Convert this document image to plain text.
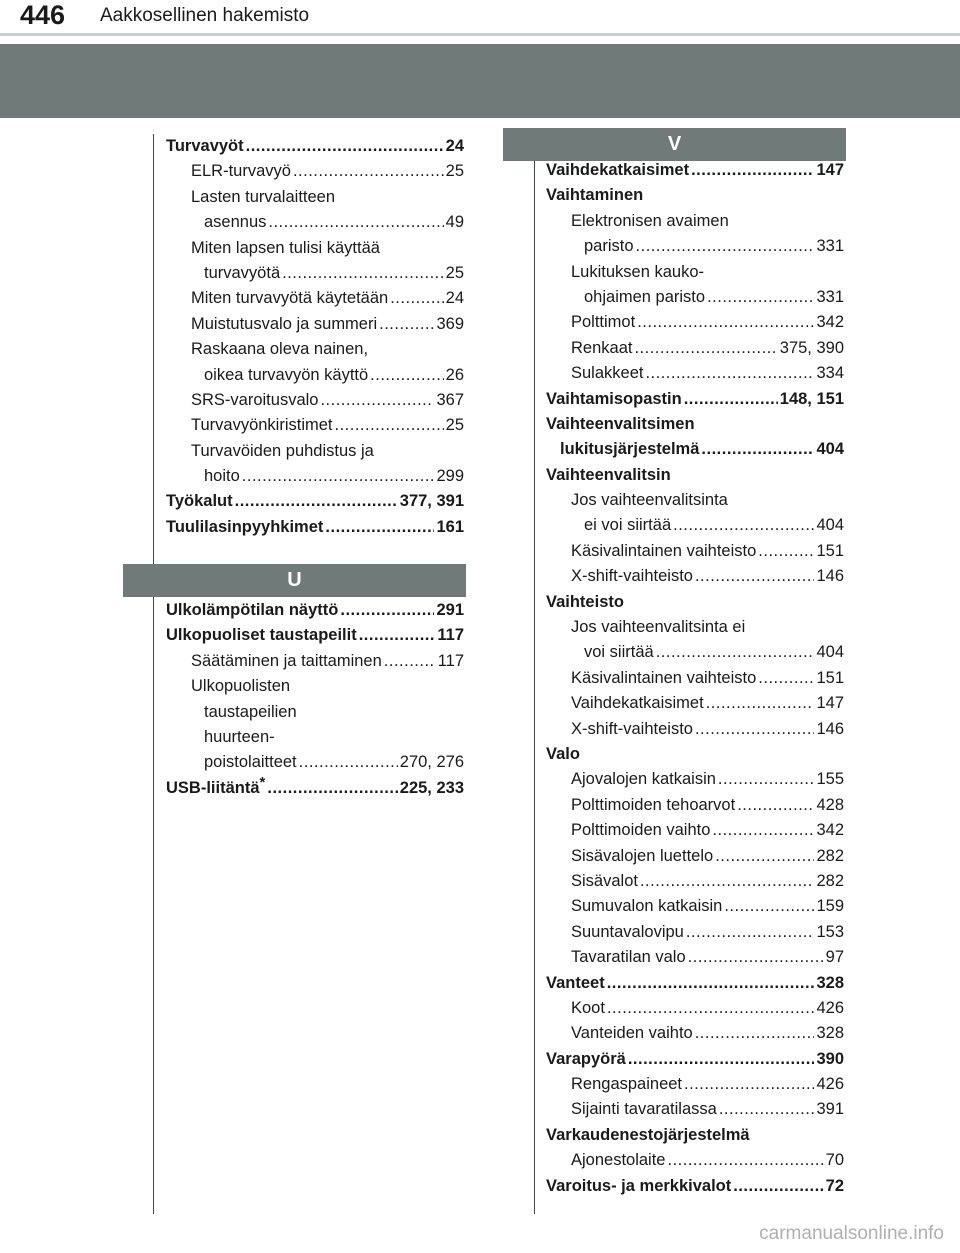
446 Aakkosellinen hakemisto
Turvavyöt .....	24
ELR-turvavyö .....	25
Lasten turvalaitteen
asennus .....	49
Miten lapsen tulisi käyttää
turvavyötä .....	25
Miten turvavyötä käytetään .....	24
Muistutusvalo ja summeri .....	369
Raskaana oleva nainen,
oikea turvavyön käyttö .....	26
SRS-varoitusvalo .....	367
Turvavyönkiristimet .....	25
Turvavöiden puhdistus ja
hoito .....	299
Työkalut .....	377, 391
Tuulilasinpyyhkimet .....	161
U
Ulkolämpötilan näyttö .....	291
Ulkopuoliset taustapeilit .....	117
Säätäminen ja taittaminen .....	117
Ulkopuolisten
taustapeilien
huurteen-
poistolaitteet .....	270, 276
USB-liitäntä * .....	225, 233
V
Vaihdekatkaisimet .....	147
Vaihtaminen
Elektronisen avaimen
paristo .....	331
Lukituksen kauko-
ohjaimen paristo .....	331
Polttimot .....	342
Renkaat .....	375, 390
Sulakkeet .....	334
Vaihtamisopastin .....	148, 151
Vaihteenvalitsimen
lukitusjärjestelmä .....	404
Vaihteenvalitsin
Jos vaihteenvalitsinta
ei voi siirtää .....	404
Käsivalintainen vaihteisto .....	151
X-shift-vaihteisto .....	146
Vaihteisto
Jos vaihteenvalitsinta ei
voi siirtää .....	404
Käsivalintainen vaihteisto .....	151
Vaihdekatkaisimet .....	147
X-shift-vaihteisto .....	146
Valo
Ajovalojen katkaisin .....	155
Polttimoiden tehoarvot .....	428
Polttimoiden vaihto .....	342
Sisävalojen luettelo .....	282
Sisävalot .....	282
Sumuvalon katkaisin .....	159
Suuntavalovipu .....	153
Tavaratilan valo .....	97
Vanteet .....	328
Koot .....	426
Vanteiden vaihto .....	328
Varapyörä .....	390
Rengaspaineet .....	426
Sijainti tavaratilassa .....	391
Varkaudenestojärjestelmä
Ajonestolaite .....	70
Varoitus- ja merkkivalot .....	72
carmanualsonline.info
